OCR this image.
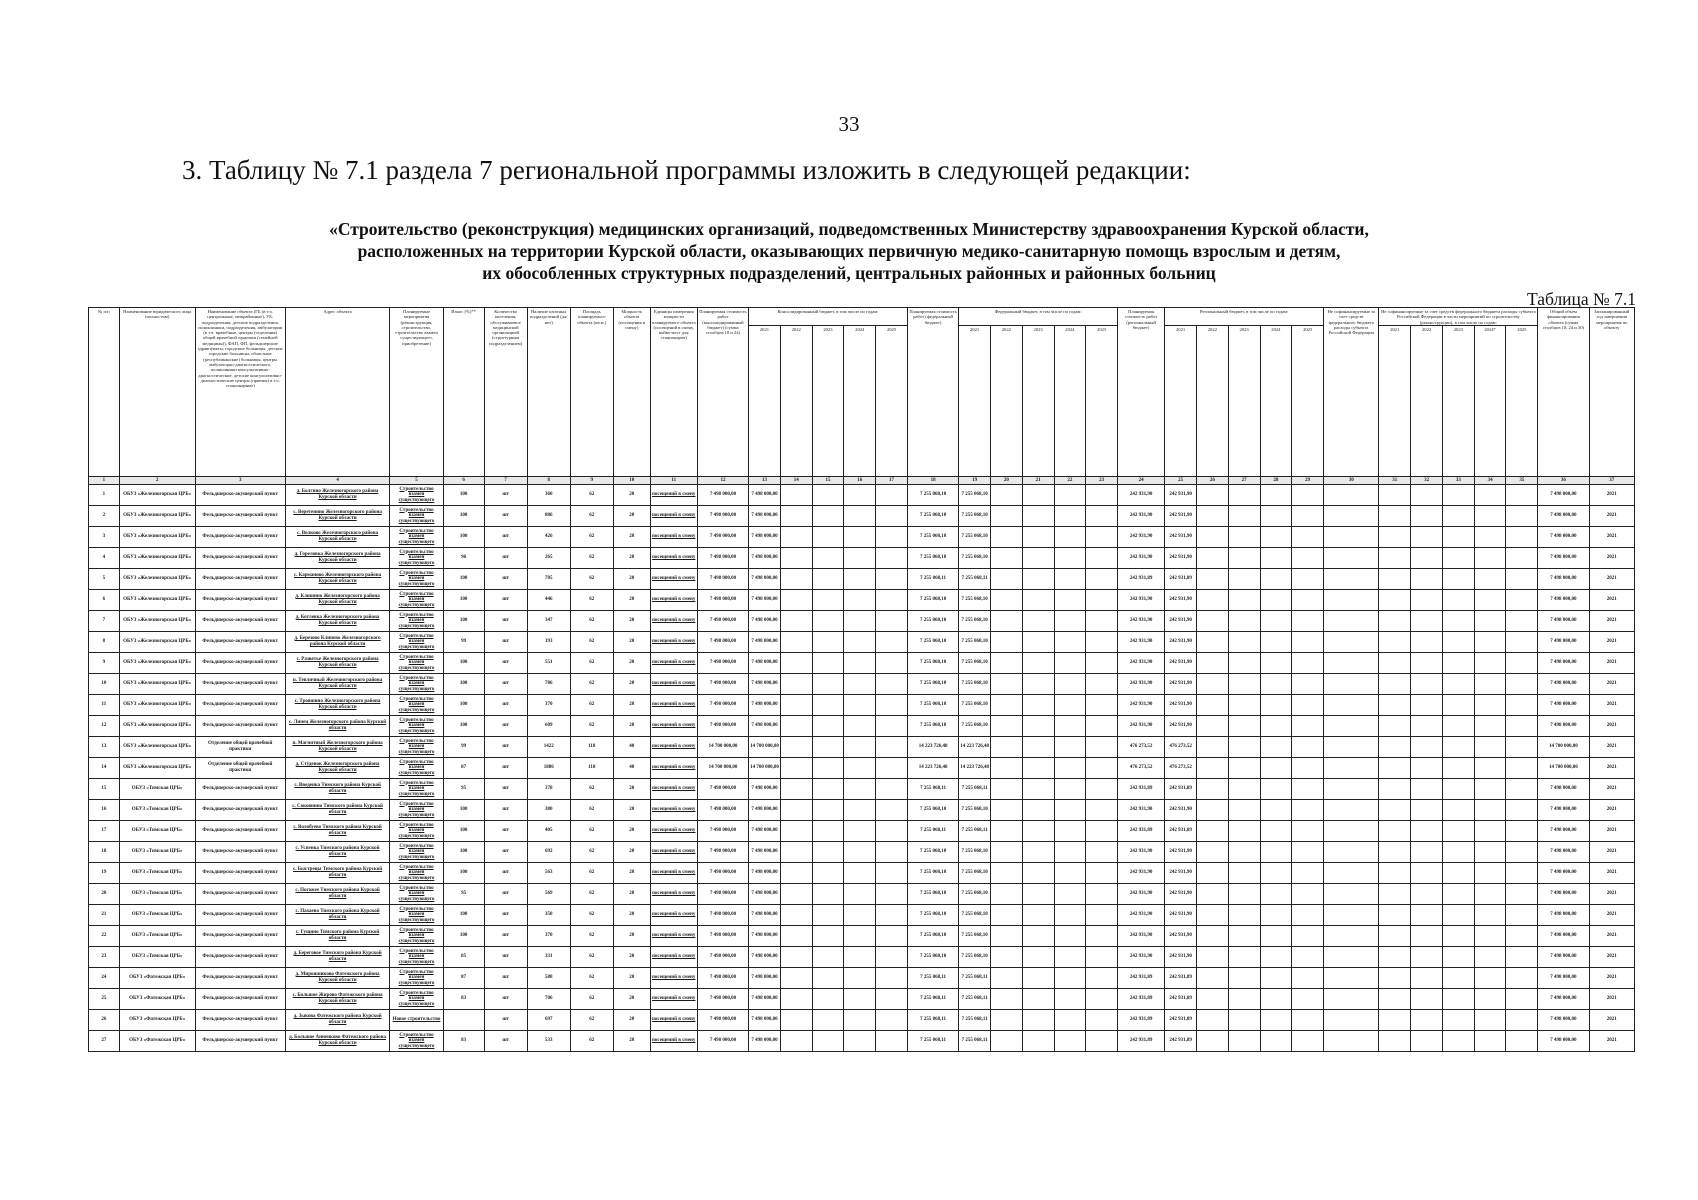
33
3. Таблицу № 7.1 раздела 7 региональной программы изложить в следующей редакции:
«Строительство (реконструкция) медицинских организаций, подведомственных Министерству здравоохранения Курской области,
расположенных на территории Курской области, оказывающих первичную медико-санитарную помощь взрослым и детям,
их обособленных структурных подразделений, центральных районных и районных больниц
Таблица № 7.1
№ п/п	Наименование юридического лица (полностью)	Наименование объекта (ГБ (в т.ч. центральные, межрайонные), УБ, подразделения, детские подразделения, поликлиники, подразделения, амбулатории (в т.ч. врачебные, центры (отделения) общей врачебной практики (семейной медицины)), ФАП, ФП, фельдшерские здравпункты, городские больницы, детские городские больницы, областные (республиканские) больницы, центры амбулаторно-диагностического, поликлиники консультативно-диагностические, детские консультативно-диагностические центры (приемы) в т.ч. стационарные)	Адрес объекта	Планируемые мероприятия (реконструкция, строительство, строительство взамен существующего, приобретение)	Износ (%)**	Количество населения, обслуживаемое медицинской организацией (структурным подразделением)	Наличие штатных подразделений (да/нет)	Площадь планируемого объекта (кв.м.)	Мощность объекта (посещения в смену)	Единицы измерения мощности планируемого объекта (посещений в смену, койко-мест для стационаров)	Планируемая стоимость работ (консолидированный бюджет) (сумма столбцов 18 и 24)	Консолидированный бюджет, в том числе по годам:					Планируемая стоимость работ (федеральный бюджет)	Федеральный бюджет, в том числе по годам:					Планируемая стоимость работ (региональный бюджет)	Региональный бюджет, в том числе по годам:					Не софинансируемые за счет средств федерального бюджета расходы субъекта Российской Федерации	Не софинансируемые за счет средств федерального бюджета расходы субъекта Российской Федерации в части мероприятий по строительству (реконструкции), в том числе по годам:					Общий объем финансирования объекта (сумма столбцов 18, 24 и 30)	Запланированный год завершения мероприятия по объекту
												2021	2022	2023	2024	2025		2021	2022	2023	2024	2025		2021	2022	2023	2024	2025		2021	2022	2023	2024*	2025		
1	2	3	4	5	6	7	8	9	10	11	12	13	14	15	16	17	18	19	20	21	22	23	24	25	26	27	28	29	30	31	32	33	34	35	36	37
1	ОБУЗ «Железногорская ЦРБ»	Фельдшерско-акушерский пункт	д. Болгино Железногорского района Курской области	Строительство взамен существующего	100	шт	360	62	20	посещений в смену	7 498 000,00	7 498 000,00					7 255 068,10	7 255 068,10					242 931,90	242 931,90											7 498 000,00	2021
2	ОБУЗ «Железногорская ЦРБ»	Фельдшерско-акушерский пункт	с. Веретенино Железногорского района Курской области	Строительство взамен существующего	100	шт	886	62	20	посещений в смену	7 498 000,00	7 498 000,00					7 255 068,10	7 255 068,10					242 931,90	242 931,90											7 498 000,00	2021
3	ОБУЗ «Железногорская ЦРБ»	Фельдшерско-акушерский пункт	с. Волково Железногорского района Курской области	Строительство взамен существующего	100	шт	426	62	20	посещений в смену	7 498 000,00	7 498 000,00					7 255 068,10	7 255 068,10					242 931,90	242 931,90											7 498 000,00	2021
4	ОБУЗ «Железногорская ЦРБ»	Фельдшерско-акушерский пункт	д. Гореловка Железногорского района Курской области	Строительство взамен существующего	96	шт	265	62	20	посещений в смену	7 498 000,00	7 498 000,00					7 255 068,10	7 255 068,10					242 931,90	242 931,90											7 498 000,00	2021
5	ОБУЗ «Железногорская ЦРБ»	Фельдшерско-акушерский пункт	с. Карманово Железногорского района Курской области	Строительство взамен существующего	100	шт	705	62	20	посещений в смену	7 498 000,00	7 498 000,00					7 255 068,11	7 255 068,11					242 931,89	242 931,89											7 498 000,00	2021
6	ОБУЗ «Железногорская ЦРБ»	Фельдшерско-акушерский пункт	д. Клишино Железногорского района Курской области	Строительство взамен существующего	100	шт	446	62	20	посещений в смену	7 498 000,00	7 498 000,00					7 255 068,10	7 255 068,10					242 931,90	242 931,90											7 498 000,00	2021
7	ОБУЗ «Железногорская ЦРБ»	Фельдшерско-акушерский пункт	д. Котлевка Железногорского района Курской области	Строительство взамен существующего	100	шт	347	62	20	посещений в смену	7 498 000,00	7 498 000,00					7 255 068,10	7 255 068,10					242 931,90	242 931,90											7 498 000,00	2021
8	ОБУЗ «Железногорская ЦРБ»	Фельдшерско-акушерский пункт	д. Березово Клинево Железногорского района Курской области	Строительство взамен существующего	99	шт	193	62	20	посещений в смену	7 498 000,00	7 498 000,00					7 255 068,10	7 255 068,10					242 931,90	242 931,90											7 498 000,00	2021
9	ОБУЗ «Железногорская ЦРБ»	Фельдшерско-акушерский пункт	с. Разветье Железногорского района Курской области	Строительство взамен существующего	100	шт	551	62	20	посещений в смену	7 498 000,00	7 498 000,00					7 255 068,10	7 255 068,10					242 931,90	242 931,90											7 498 000,00	2021
10	ОБУЗ «Железногорская ЦРБ»	Фельдшерско-акушерский пункт	п. Тепличный Железногорского района Курской области	Строительство взамен существующего	100	шт	786	62	20	посещений в смену	7 498 000,00	7 498 000,00					7 255 068,10	7 255 068,10					242 931,90	242 931,90											7 498 000,00	2021
11	ОБУЗ «Железногорская ЦРБ»	Фельдшерско-акушерский пункт	с. Трояшино Железногорского района Курской области	Строительство взамен существующего	100	шт	370	62	20	посещений в смену	7 498 000,00	7 498 000,00					7 255 068,10	7 255 068,10					242 931,90	242 931,90											7 498 000,00	2021
12	ОБУЗ «Железногорская ЦРБ»	Фельдшерско-акушерский пункт	с. Линец Железногорского района Курской области	Строительство взамен существующего	100	шт	609	62	20	посещений в смену	7 498 000,00	7 498 000,00					7 255 068,10	7 255 068,10					242 931,90	242 931,90											7 498 000,00	2021
13	ОБУЗ «Железногорская ЦРБ»	Отделение общей врачебной практики	п. Магнитный Железногорского района Курской области	Строительство взамен существующего	99	шт	1422	118	40	посещений в смену	14 700 000,00	14 700 000,00					14 223 726,48	14 223 726,48					476 273,52	476 273,52											14 700 000,00	2021
14	ОБУЗ «Железногорская ЦРБ»	Отделение общей врачебной практики	д. Студенок Железногорского района Курской области	Строительство взамен существующего	87	шт	1886	118	40	посещений в смену	14 700 000,00	14 700 000,00					14 223 726,48	14 223 726,48					476 273,52	476 273,52											14 700 000,00	2021
15	ОБУЗ «Тимская ЦРБ»	Фельдшерско-акушерский пункт	с. Введенка Тимского района Курской области	Строительство взамен существующего	95	шт	378	62	20	посещений в смену	7 498 000,00	7 498 000,00					7 255 068,11	7 255 068,11					242 931,89	242 931,89											7 498 000,00	2021
16	ОБУЗ «Тимская ЦРБ»	Фельдшерско-акушерский пункт	с. Соковнино Тимского района Курской области	Строительство взамен существующего	100	шт	380	62	20	посещений в смену	7 498 000,00	7 498 000,00					7 255 068,10	7 255 068,10					242 931,90	242 931,90											7 498 000,00	2021
17	ОБУЗ «Тимская ЦРБ»	Фельдшерско-акушерский пункт	с. Волобуево Тимского района Курской области	Строительство взамен существующего	100	шт	405	62	20	посещений в смену	7 498 000,00	7 498 000,00					7 255 068,11	7 255 068,11					242 931,89	242 931,89											7 498 000,00	2021
18	ОБУЗ «Тимская ЦРБ»	Фельдшерско-акушерский пункт	с. Успенка Тимского района Курской области	Строительство взамен существующего	100	шт	692	62	20	посещений в смену	7 498 000,00	7 498 000,00					7 255 068,10	7 255 068,10					242 931,90	242 931,90											7 498 000,00	2021
19	ОБУЗ «Тимская ЦРБ»	Фельдшерско-акушерский пункт	с. Быстрецы Тимского района Курской области	Строительство взамен существующего	100	шт	563	62	20	посещений в смену	7 498 000,00	7 498 000,00					7 255 068,10	7 255 068,10					242 931,90	242 931,90											7 498 000,00	2021
20	ОБУЗ «Тимская ЦРБ»	Фельдшерско-акушерский пункт	с. Погожее Тимского района Курской области	Строительство взамен существующего	95	шт	569	62	20	посещений в смену	7 498 000,00	7 498 000,00					7 255 068,10	7 255 068,10					242 931,90	242 931,90											7 498 000,00	2021
21	ОБУЗ «Тимская ЦРБ»	Фельдшерско-акушерский пункт	с. Пахаево Тимского района Курской области	Строительство взамен существующего	100	шт	350	62	20	посещений в смену	7 498 000,00	7 498 000,00					7 255 068,10	7 255 068,10					242 931,90	242 931,90											7 498 000,00	2021
22	ОБУЗ «Тимская ЦРБ»	Фельдшерско-акушерский пункт	с. Гущино Тимского района Курской области	Строительство взамен существующего	100	шт	370	62	20	посещений в смену	7 498 000,00	7 498 000,00					7 255 068,10	7 255 068,10					242 931,90	242 931,90											7 498 000,00	2021
23	ОБУЗ «Тимская ЦРБ»	Фельдшерско-акушерский пункт	д. Береговое Тимского района Курской области	Строительство взамен существующего	85	шт	331	62	20	посещений в смену	7 498 000,00	7 498 000,00					7 255 068,10	7 255 068,10					242 931,90	242 931,90											7 498 000,00	2021
24	ОБУЗ «Фатежская ЦРБ»	Фельдшерско-акушерский пункт	д. Мирошниково Фатежского района Курской области	Строительство взамен существующего	87	шт	588	62	20	посещений в смену	7 498 000,00	7 498 000,00					7 255 068,11	7 255 068,11					242 931,89	242 931,89											7 498 000,00	2021
25	ОБУЗ «Фатежская ЦРБ»	Фельдшерско-акушерский пункт	с. Большое Жирово Фатежского района Курской области	Строительство взамен существующего	83	шт	706	62	20	посещений в смену	7 498 000,00	7 498 000,00					7 255 068,11	7 255 068,11					242 931,89	242 931,89											7 498 000,00	2021
26	ОБУЗ «Фатежская ЦРБ»	Фельдшерско-акушерский пункт	д. Зыкова Фатежского района Курской области	Новое строительство		шт	697	62	20	посещений в смену	7 498 000,00	7 498 000,00					7 255 068,11	7 255 068,11					242 931,89	242 931,89											7 498 000,00	2021
27	ОБУЗ «Фатежская ЦРБ»	Фельдшерско-акушерский пункт	д. Большое Анненково Фатежского района Курской области	Строительство взамен существующего	83	шт	533	62	20	посещений в смену	7 498 000,00	7 498 000,00					7 255 068,11	7 255 068,11					242 931,89	242 931,89											7 498 000,00	2021
